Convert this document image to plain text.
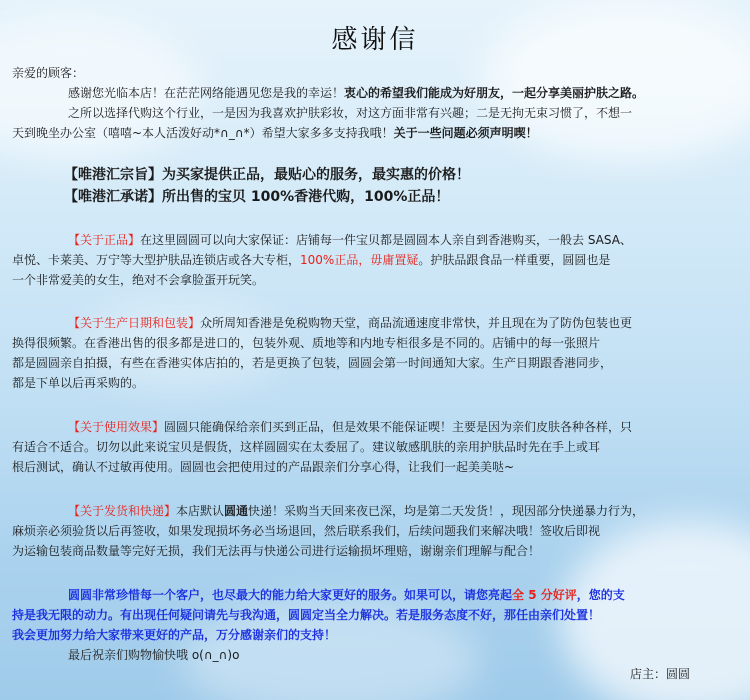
感谢信
亲爱的顾客：
感谢您光临本店！在茫茫网络能遇见您是我的幸运！衷心的希望我们能成为好朋友，一起分享美丽护肤之路。
之所以选择代购这个行业，一是因为我喜欢护肤彩妆，对这方面非常有兴趣；二是无拘无束习惯了，不想一
天到晚坐办公室（嘻嘻~本人活泼好动*∩_∩*）希望大家多多支持我哦！关于一些问题必须声明喫！
【唯港汇宗旨】为买家提供正品，最贴心的服务，最实惠的价格！
【唯港汇承诺】所出售的宝贝 100%香港代购，100%正品！
【关于正品】在这里圆圆可以向大家保证：店铺每一件宝贝都是圆圆本人亲自到香港购买，一般去 SASA、
卓悦、卡莱美、万宁等大型护肤品连锁店或各大专柜，100%正品，毋庸置疑。护肤品跟食品一样重要，圆圆也是
一个非常爱美的女生，绝对不会拿脸蛋开玩笑。
【关于生产日期和包装】众所周知香港是免税购物天堂，商品流通速度非常快，并且现在为了防伪包装也更
换得很频繁。在香港出售的很多都是进口的，包装外观、质地等和内地专柜很多是不同的。店铺中的每一张照片
都是圆圆亲自拍摄，有些在香港实体店拍的，若是更换了包装，圆圆会第一时间通知大家。生产日期跟香港同步，
都是下单以后再采购的。
【关于使用效果】圆圆只能确保给亲们买到正品，但是效果不能保证喫！主要是因为亲们皮肤各种各样，只
有适合不适合。切勿以此来说宝贝是假货，这样圆圆实在太委屈了。建议敏感肌肤的亲用护肤品时先在手上或耳
根后测试，确认不过敏再使用。圆圆也会把使用过的产品跟亲们分享心得，让我们一起美美哒~
【关于发货和快递】本店默认圆通快递！采购当天回来夜已深，均是第二天发货！，现因部分快递暴力行为，
麻烦亲必须验货以后再签收，如果发现损坏务必当场退回，然后联系我们，后续问题我们来解决哦！签收后即视
为运输包装商品数量等完好无损，我们无法再与快递公司进行运输损坏理赔，谢谢亲们理解与配合！
圆圆非常珍惜每一个客户，也尽最大的能力给大家更好的服务。如果可以，请您亮起全 5 分好评，您的支
持是我无限的动力。有出现任何疑问请先与我沟通，圆圆定当全力解决。若是服务态度不好，那任由亲们处置！
我会更加努力给大家带来更好的产品，万分感谢亲们的支持！
最后祝亲们购物愉快哦 o(∩_∩)o
店主：圆圆
